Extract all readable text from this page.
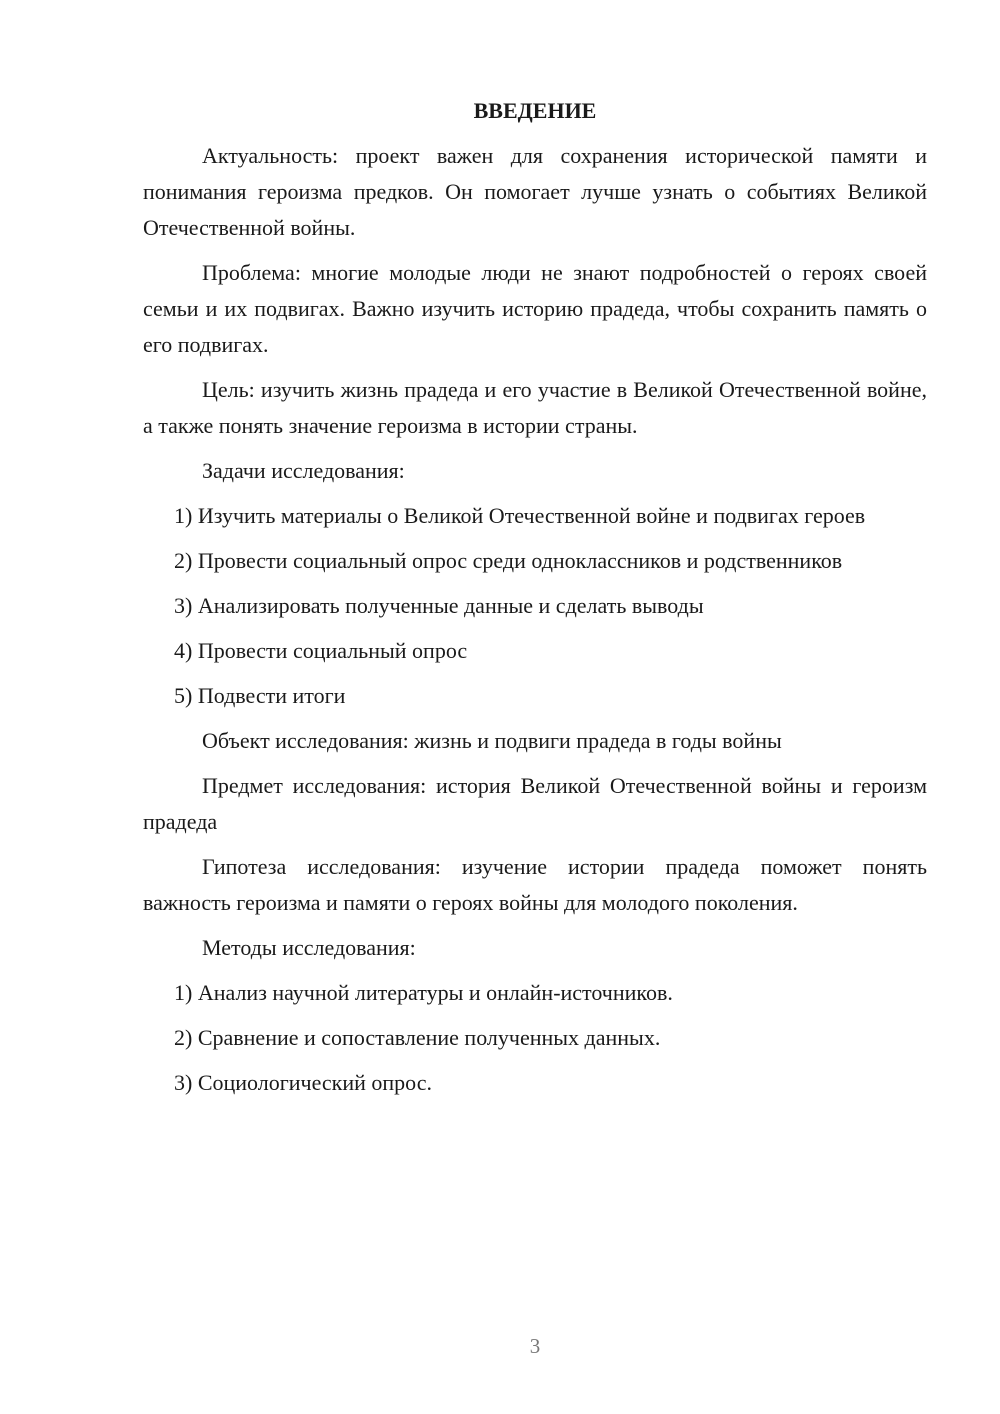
ВВЕДЕНИЕ

Актуальность: проект важен для сохранения исторической памяти и понимания героизма предков. Он помогает лучше узнать о событиях Великой Отечественной войны.

Проблема: многие молодые люди не знают подробностей о героях своей семьи и их подвигах. Важно изучить историю прадеда, чтобы сохранить память о его подвигах.

Цель: изучить жизнь прадеда и его участие в Великой Отечественной войне, а также понять значение героизма в истории страны.

Задачи исследования:

1) Изучить материалы о Великой Отечественной войне и подвигах героев

2) Провести социальный опрос среди одноклассников и родственников

3) Анализировать полученные данные и сделать выводы

4) Провести социальный опрос

5) Подвести итоги

Объект исследования: жизнь и подвиги прадеда в годы войны

Предмет исследования: история Великой Отечественной войны и героизм прадеда

Гипотеза исследования: изучение истории прадеда поможет понять важность героизма и памяти о героях войны для молодого поколения.

Методы исследования:

1) Анализ научной литературы и онлайн-источников.

2) Сравнение и сопоставление полученных данных.

3) Социологический опрос.

3
